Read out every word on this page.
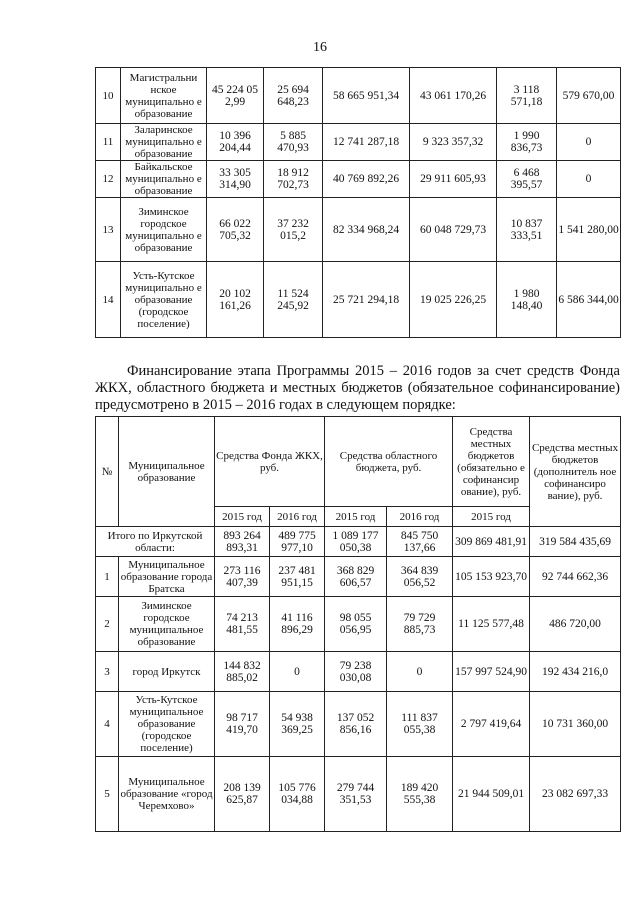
16
10	Магистральни нское муниципально е образование	45 224 05 2,99	25 694 648,23	58 665 951,34	43 061 170,26	3 118 571,18	579 670,00
11	Заларинское муниципально е образование	10 396 204,44	5 885 470,93	12 741 287,18	9 323 357,32	1 990 836,73	0
12	Байкальское муниципально е образование	33 305 314,90	18 912 702,73	40 769 892,26	29 911 605,93	6 468 395,57	0
13	Зиминское городское муниципально е образование	66 022 705,32	37 232 015,2	82 334 968,24	60 048 729,73	10 837 333,51	1 541 280,00
14	Усть-Кутское муниципально е образование (городское поселение)	20 102 161,26	11 524 245,92	25 721 294,18	19 025 226,25	1 980 148,40	6 586 344,00
Финансирование этапа Программы 2015 – 2016 годов за счет средств Фонда ЖКХ, областного бюджета и местных бюджетов (обязательное софинансирование) предусмотрено в 2015 – 2016 годах в следующем порядке:
№	Муниципальное образование	Средства Фонда ЖКХ, руб.		Средства областного бюджета, руб.		Средства местных бюджетов (обязательно е софинансир ование), руб.	Средства местных бюджетов (дополнитель ное софинансиро вание), руб.
		2015 год	2016 год	2015 год	2016 год	2015 год	
Итого по Иркутской области:		893 264 893,31	489 775 977,10	1 089 177 050,38	845 750 137,66	309 869 481,91	319 584 435,69
1	Муниципальное образование города Братска	273 116 407,39	237 481 951,15	368 829 606,57	364 839 056,52	105 153 923,70	92 744 662,36
2	Зиминское городское муниципальное образование	74 213 481,55	41 116 896,29	98 055 056,95	79 729 885,73	11 125 577,48	486 720,00
3	город Иркутск	144 832 885,02	0	79 238 030,08	0	157 997 524,90	192 434 216,0
4	Усть-Кутское муниципальное образование (городское поселение)	98 717 419,70	54 938 369,25	137 052 856,16	111 837 055,38	2 797 419,64	10 731 360,00
5	Муниципальное образование «город Черемхово»	208 139 625,87	105 776 034,88	279 744 351,53	189 420 555,38	21 944 509,01	23 082 697,33
